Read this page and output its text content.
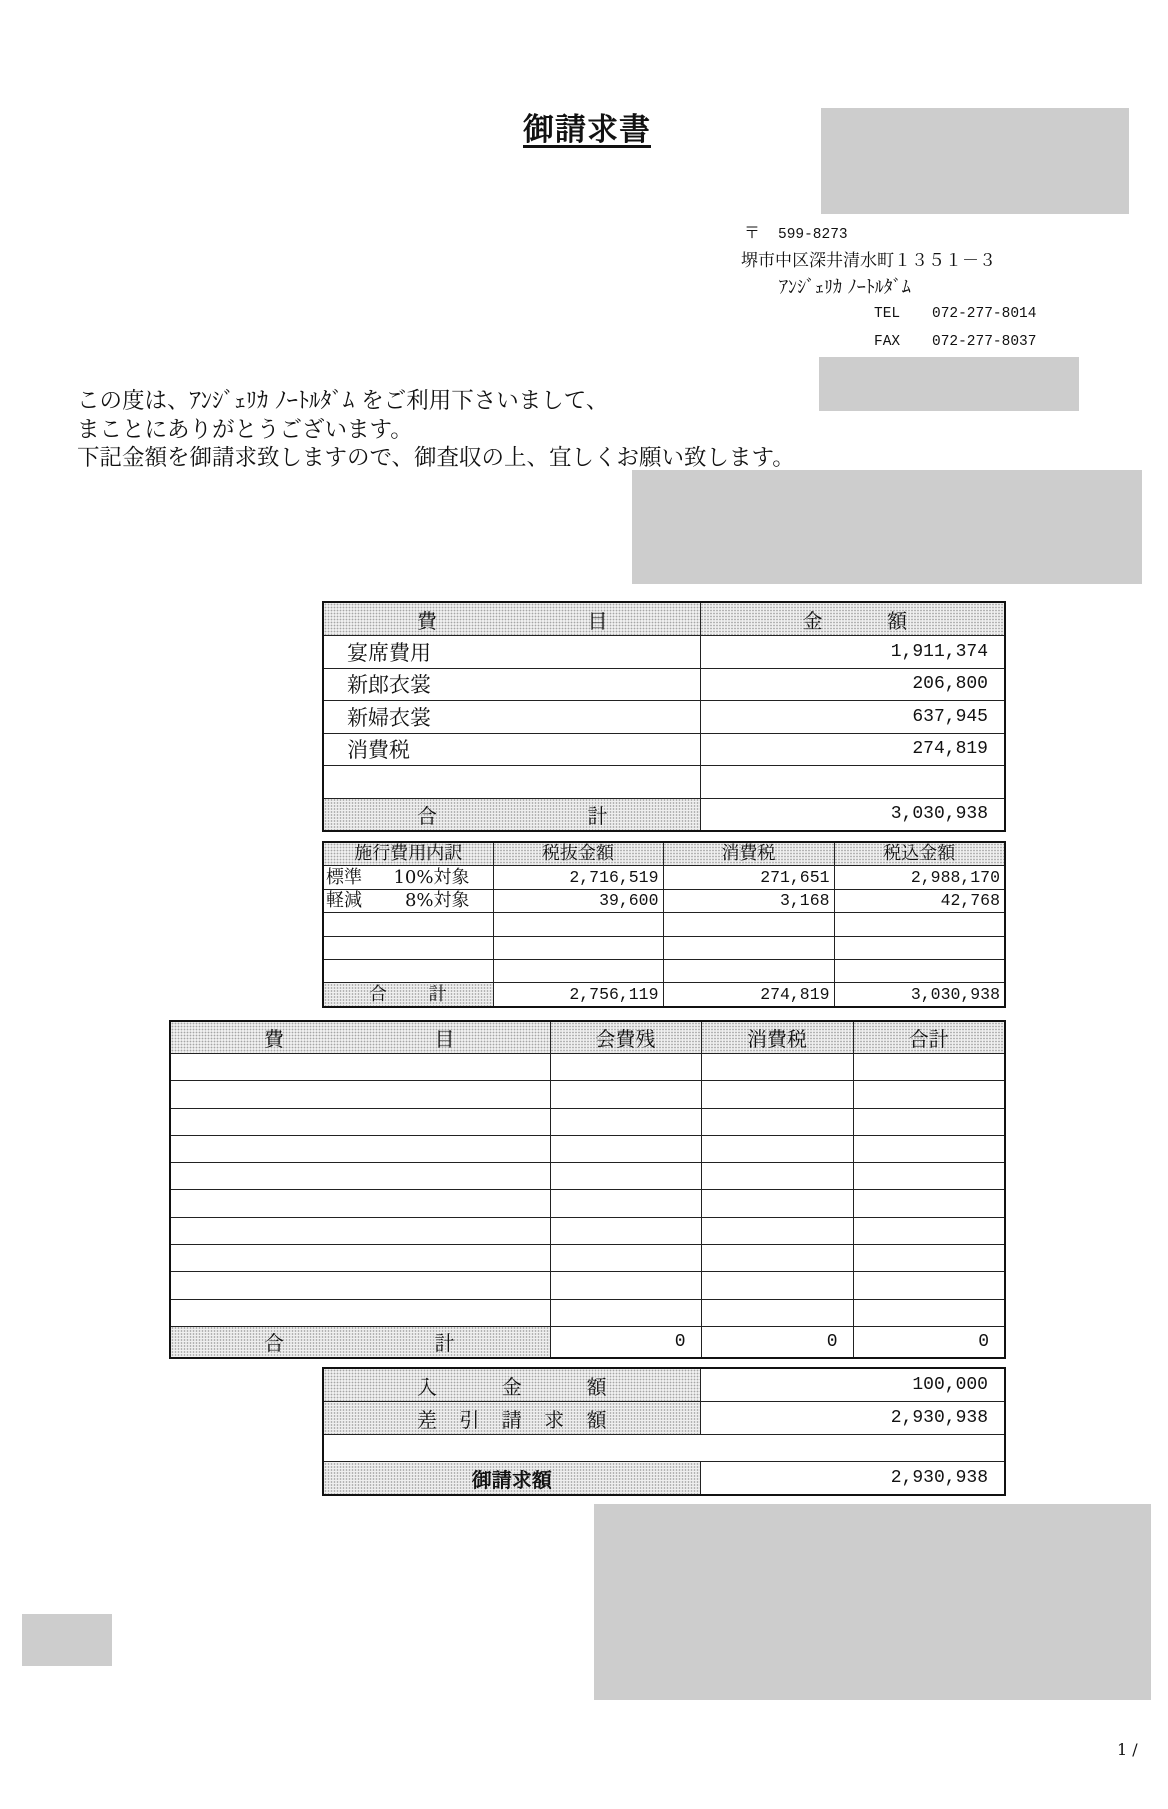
御請求書
〒 599-8273
堺市中区深井清水町１３５１－３
ｱﾝｼﾞｪﾘｶ ﾉｰﾄﾙﾀﾞﾑ
TEL 072-277-8014
FAX 072-277-8037
この度は、ｱﾝｼﾞｪﾘｶ ﾉｰﾄﾙﾀﾞﾑ をご利用下さいまして、
まことにありがとうございます。
下記金額を御請求致しますので、御査収の上、宜しくお願い致します。
費 目	金 額
宴席費用	1,911,374
新郎衣裳	206,800
新婦衣裳	637,945
消費税	274,819

合 計	3,030,938
施行費用内訳	税抜金額	消費税	税込金額

標準 10%対象	2,716,519	271,651	2,988,170

軽減 8%対象	39,600	3,168	42,768

合 計	2,756,119	274,819	3,030,938
費 目	会費残	消費税	合計

合 計	0	0	0
入 金 額	100,000
差 引 請 求 額	2,930,938

御請求額	2,930,938
1 /
